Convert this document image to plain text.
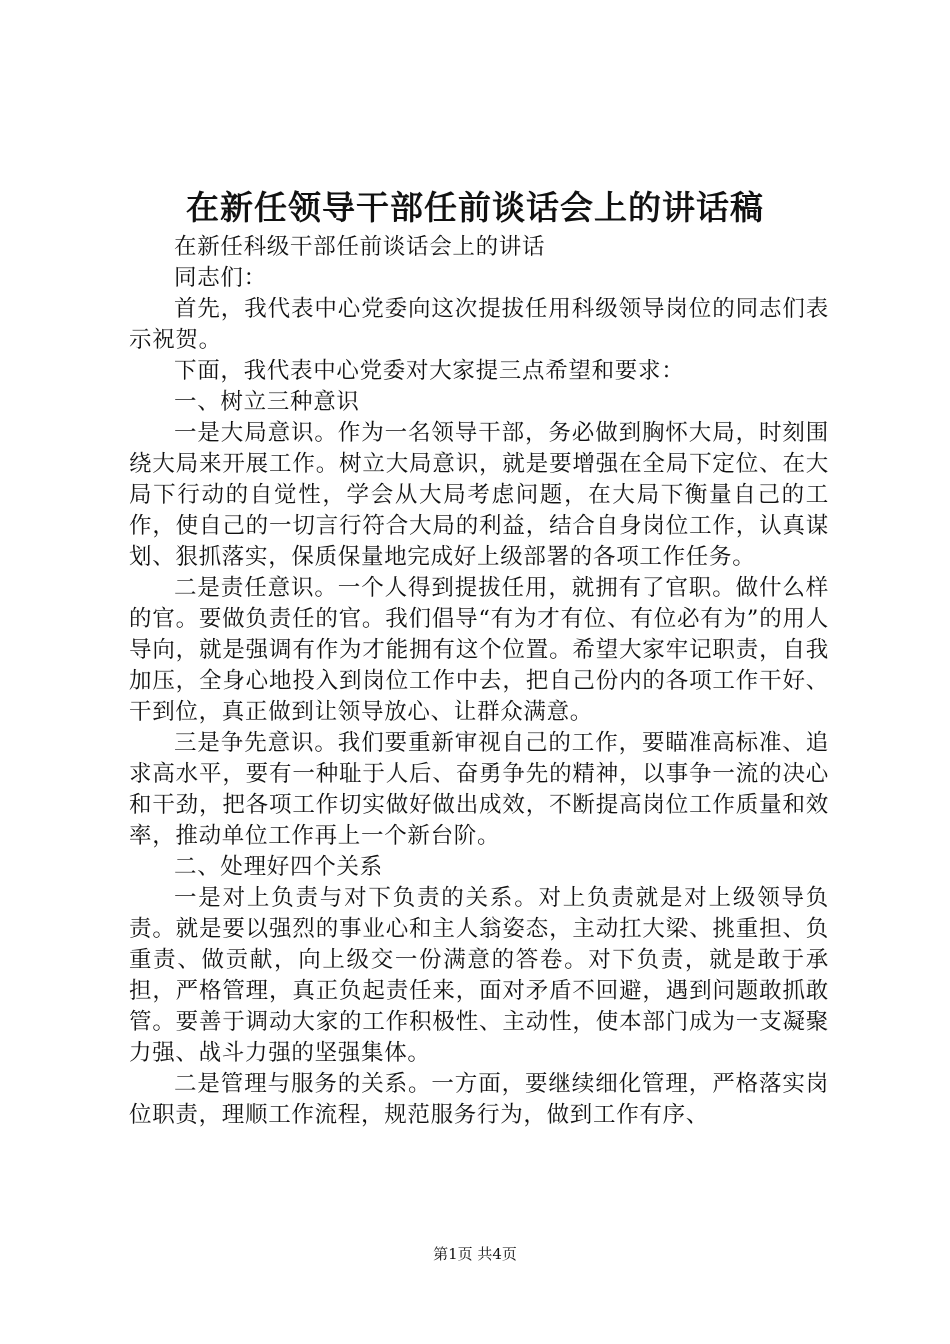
在新任领导干部任前谈话会上的讲话稿

在新任科级干部任前谈话会上的讲话

同志们：

首先，我代表中心党委向这次提拔任用科级领导岗位的同志们表示祝贺。

下面，我代表中心党委对大家提三点希望和要求：

一、树立三种意识

一是大局意识。作为一名领导干部，务必做到胸怀大局，时刻围绕大局来开展工作。树立大局意识，就是要增强在全局下定位、在大局下行动的自觉性，学会从大局考虑问题，在大局下衡量自己的工作，使自己的一切言行符合大局的利益，结合自身岗位工作，认真谋划、狠抓落实，保质保量地完成好上级部署的各项工作任务。

二是责任意识。一个人得到提拔任用，就拥有了官职。做什么样的官。要做负责任的官。我们倡导“有为才有位、有位必有为”的用人导向，就是强调有作为才能拥有这个位置。希望大家牢记职责，自我加压，全身心地投入到岗位工作中去，把自己份内的各项工作干好、干到位，真正做到让领导放心、让群众满意。

三是争先意识。我们要重新审视自己的工作，要瞄准高标准、追求高水平，要有一种耻于人后、奋勇争先的精神，以事争一流的决心和干劲，把各项工作切实做好做出成效，不断提高岗位工作质量和效率，推动单位工作再上一个新台阶。

二、处理好四个关系

一是对上负责与对下负责的关系。对上负责就是对上级领导负责。就是要以强烈的事业心和主人翁姿态，主动扛大梁、挑重担、负重责、做贡献，向上级交一份满意的答卷。对下负责，就是敢于承担，严格管理，真正负起责任来，面对矛盾不回避，遇到问题敢抓敢管。要善于调动大家的工作积极性、主动性，使本部门成为一支凝聚力强、战斗力强的坚强集体。

二是管理与服务的关系。一方面，要继续细化管理，严格落实岗位职责，理顺工作流程，规范服务行为，做到工作有序、

第1页 共4页
